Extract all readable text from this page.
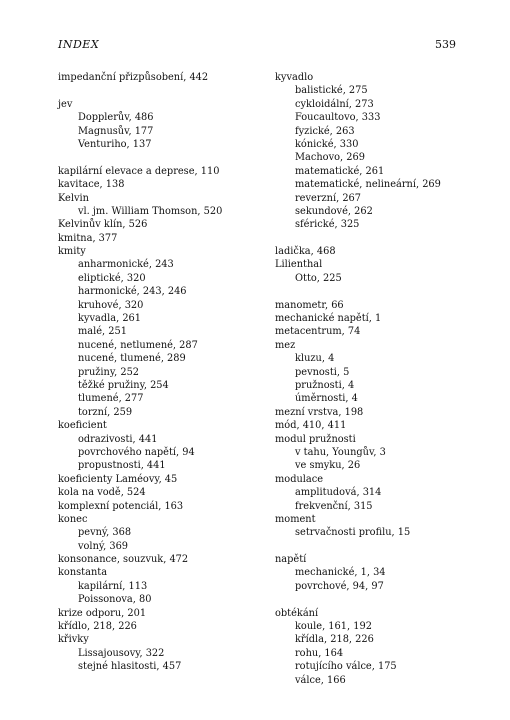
INDEX	539
impedanční přizpůsobení, 442
jev
Dopplerův, 486
Magnusův, 177
Venturiho, 137
kapilární elevace a deprese, 110
kavitace, 138
Kelvin
vl. jm. William Thomson, 520
Kelvinův klín, 526
kmitna, 377
kmity
anharmonické, 243
eliptické, 320
harmonické, 243, 246
kruhové, 320
kyvadla, 261
malé, 251
nucené, netlumené, 287
nucené, tlumené, 289
pružiny, 252
těžké pružiny, 254
tlumené, 277
torzní, 259
koeficient
odrazivosti, 441
povrchového napětí, 94
propustnosti, 441
koeficienty Laméovy, 45
kola na vodě, 524
komplexní potenciál, 163
konec
pevný, 368
volný, 369
konsonance, souzvuk, 472
konstanta
kapilární, 113
Poissonova, 80
krize odporu, 201
křídlo, 218, 226
křivky
Lissajousovy, 322
stejné hlasitosti, 457
kyvadlo
balistické, 275
cykloidální, 273
Foucaultovo, 333
fyzické, 263
kónické, 330
Machovo, 269
matematické, 261
matematické, nelineární, 269
reverzní, 267
sekundové, 262
sférické, 325
ladička, 468
Lilienthal
Otto, 225
manometr, 66
mechanické napětí, 1
metacentrum, 74
mez
kluzu, 4
pevnosti, 5
pružnosti, 4
úměrnosti, 4
mezní vrstva, 198
mód, 410, 411
modul pružnosti
v tahu, Youngův, 3
ve smyku, 26
modulace
amplitudová, 314
frekvenční, 315
moment
setrvačnosti profilu, 15
napětí
mechanické, 1, 34
povrchové, 94, 97
obtékání
koule, 161, 192
křídla, 218, 226
rohu, 164
rotujícího válce, 175
válce, 166
